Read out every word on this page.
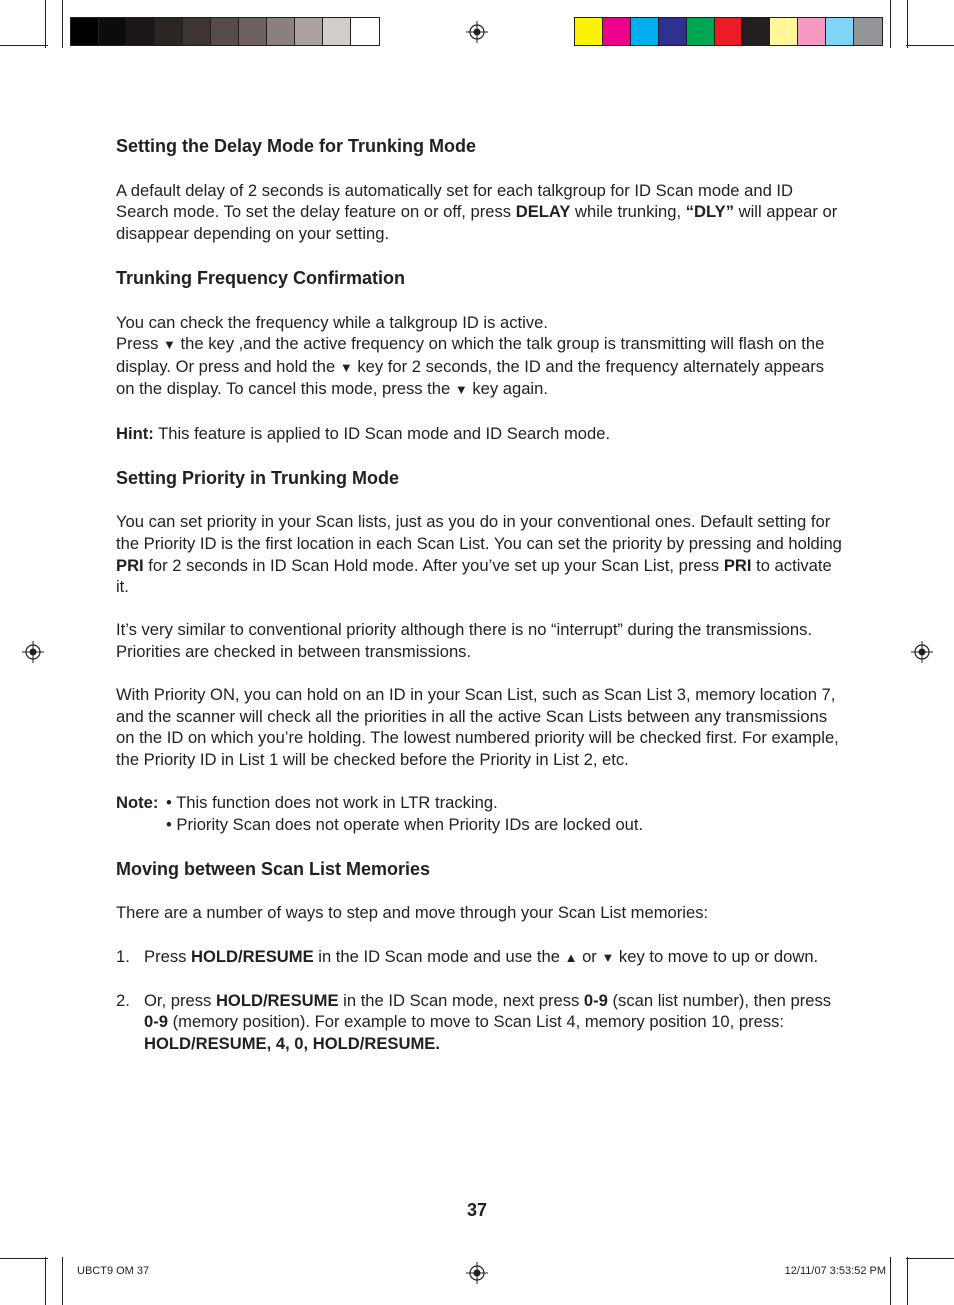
Setting the Delay Mode for Trunking Mode

A default delay of 2 seconds is automatically set for each talkgroup for ID Scan mode and ID Search mode. To set the delay feature on or off, press DELAY while trunking, “DLY” will appear or disappear depending on your setting.

Trunking Frequency Confirmation

You can check the frequency while a talkgroup ID is active.

Press ▼ the key ,and the active frequency on which the talk group is transmitting will flash on the display. Or press and hold the ▼ key for 2 seconds, the ID and the frequency alternately appears on the display. To cancel this mode, press the ▼ key again.

Hint: This feature is applied to ID Scan mode and ID Search mode.

Setting Priority in Trunking Mode

You can set priority in your Scan lists, just as you do in your conventional ones. Default setting for the Priority ID is the first location in each Scan List. You can set the priority by pressing and holding PRI for 2 seconds in ID Scan Hold mode. After you’ve set up your Scan List, press PRI to activate it.

It’s very similar to conventional priority although there is no “interrupt” during the transmissions. Priorities are checked in between transmissions.

With Priority ON, you can hold on an ID in your Scan List, such as Scan List 3, memory location 7, and the scanner will check all the priorities in all the active Scan Lists between any transmissions on the ID on which you’re holding. The lowest numbered priority will be checked first. For example, the Priority ID in List 1 will be checked before the Priority in List 2, etc.

Note: • This function does not work in LTR tracking.

• Priority Scan does not operate when Priority IDs are locked out.

Moving between Scan List Memories

There are a number of ways to step and move through your Scan List memories:

1. Press HOLD/RESUME in the ID Scan mode and use the ▲ or ▼ key to move to up or down.
2. Or, press HOLD/RESUME in the ID Scan mode, next press 0-9 (scan list number), then press 0-9 (memory position). For example to move to Scan List 4, memory position 10, press: HOLD/RESUME, 4, 0, HOLD/RESUME.
37
UBCT9 OM 37	12/11/07 3:53:52 PM
